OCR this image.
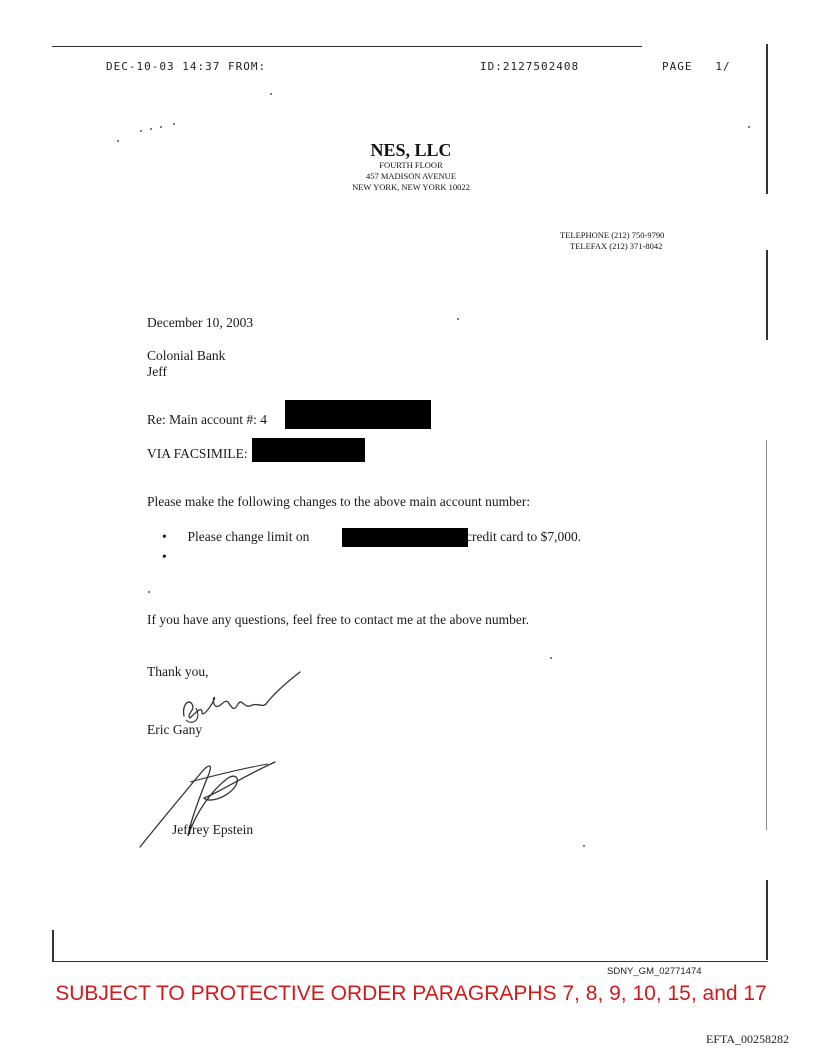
DEC-10-03 14:37 FROM:	ID:2127502408	PAGE   1/
NES, LLC
FOURTH FLOOR
457 MADISON AVENUE
NEW YORK, NEW YORK 10022
TELEPHONE (212) 750-9790
TELEFAX (212) 371-8042
December 10, 2003
Colonial Bank
Jeff
Re: Main account #: 4
VIA FACSIMILE:
Please make the following changes to the above main account number:
• Please change limit on	credit card to $7,000.
•
If you have any questions, feel free to contact me at the above number.
Thank you,
Eric Gany
Jeffrey Epstein
SDNY_GM_02771474
SUBJECT TO PROTECTIVE ORDER PARAGRAPHS 7, 8, 9, 10, 15, and 17
EFTA_00258282
